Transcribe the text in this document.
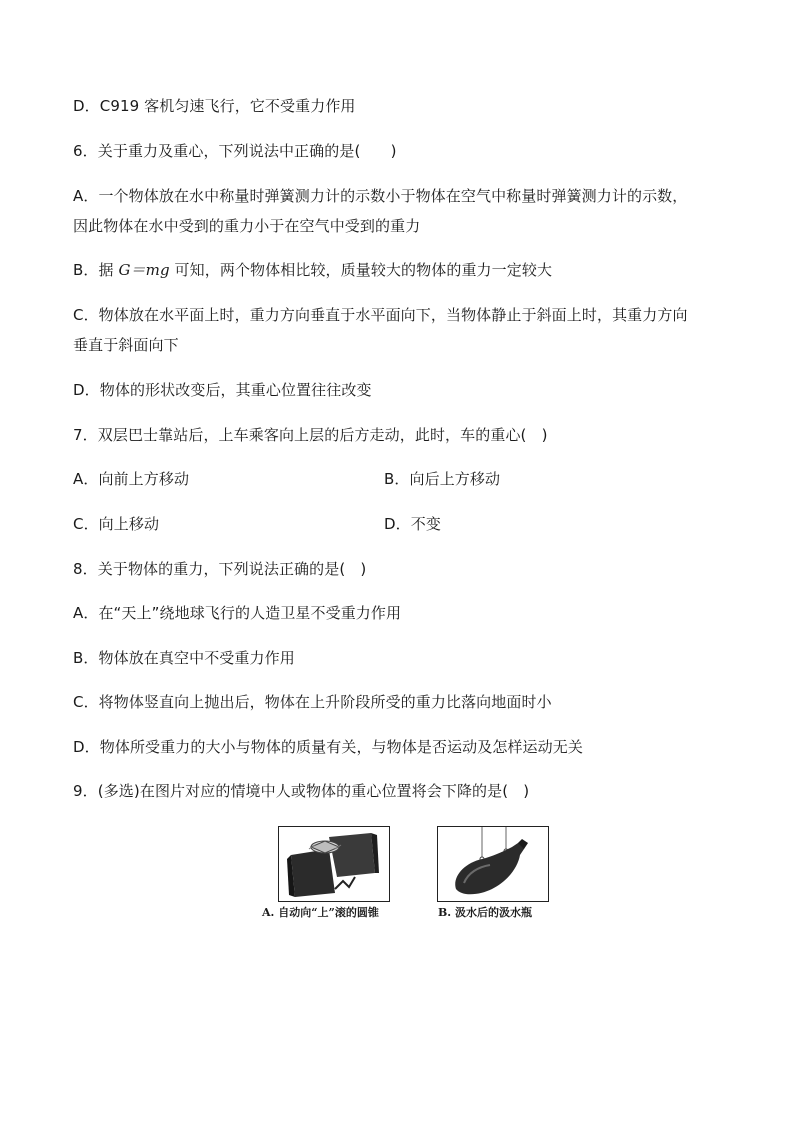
D．C919 客机匀速飞行，它不受重力作用
6．关于重力及重心，下列说法中正确的是(　　)
A．一个物体放在水中称量时弹簧测力计的示数小于物体在空气中称量时弹簧测力计的示数，
因此物体在水中受到的重力小于在空气中受到的重力
B．据 G＝mg 可知，两个物体相比较，质量较大的物体的重力一定较大
C．物体放在水平面上时，重力方向垂直于水平面向下，当物体静止于斜面上时，其重力方向
垂直于斜面向下
D．物体的形状改变后，其重心位置往往改变
7．双层巴士靠站后，上车乘客向上层的后方走动，此时，车的重心(　)
A．向前上方移动	B．向后上方移动
C．向上移动	D．不变
8．关于物体的重力，下列说法正确的是(　)
A．在“天上”绕地球飞行的人造卫星不受重力作用
B．物体放在真空中不受重力作用
C．将物体竖直向上抛出后，物体在上升阶段所受的重力比落向地面时小
D．物体所受重力的大小与物体的质量有关，与物体是否运动及怎样运动无关
9．(多选)在图片对应的情境中人或物体的重心位置将会下降的是(　)
A. 自动向“上”滚的圆锥	B. 汲水后的汲水瓶
